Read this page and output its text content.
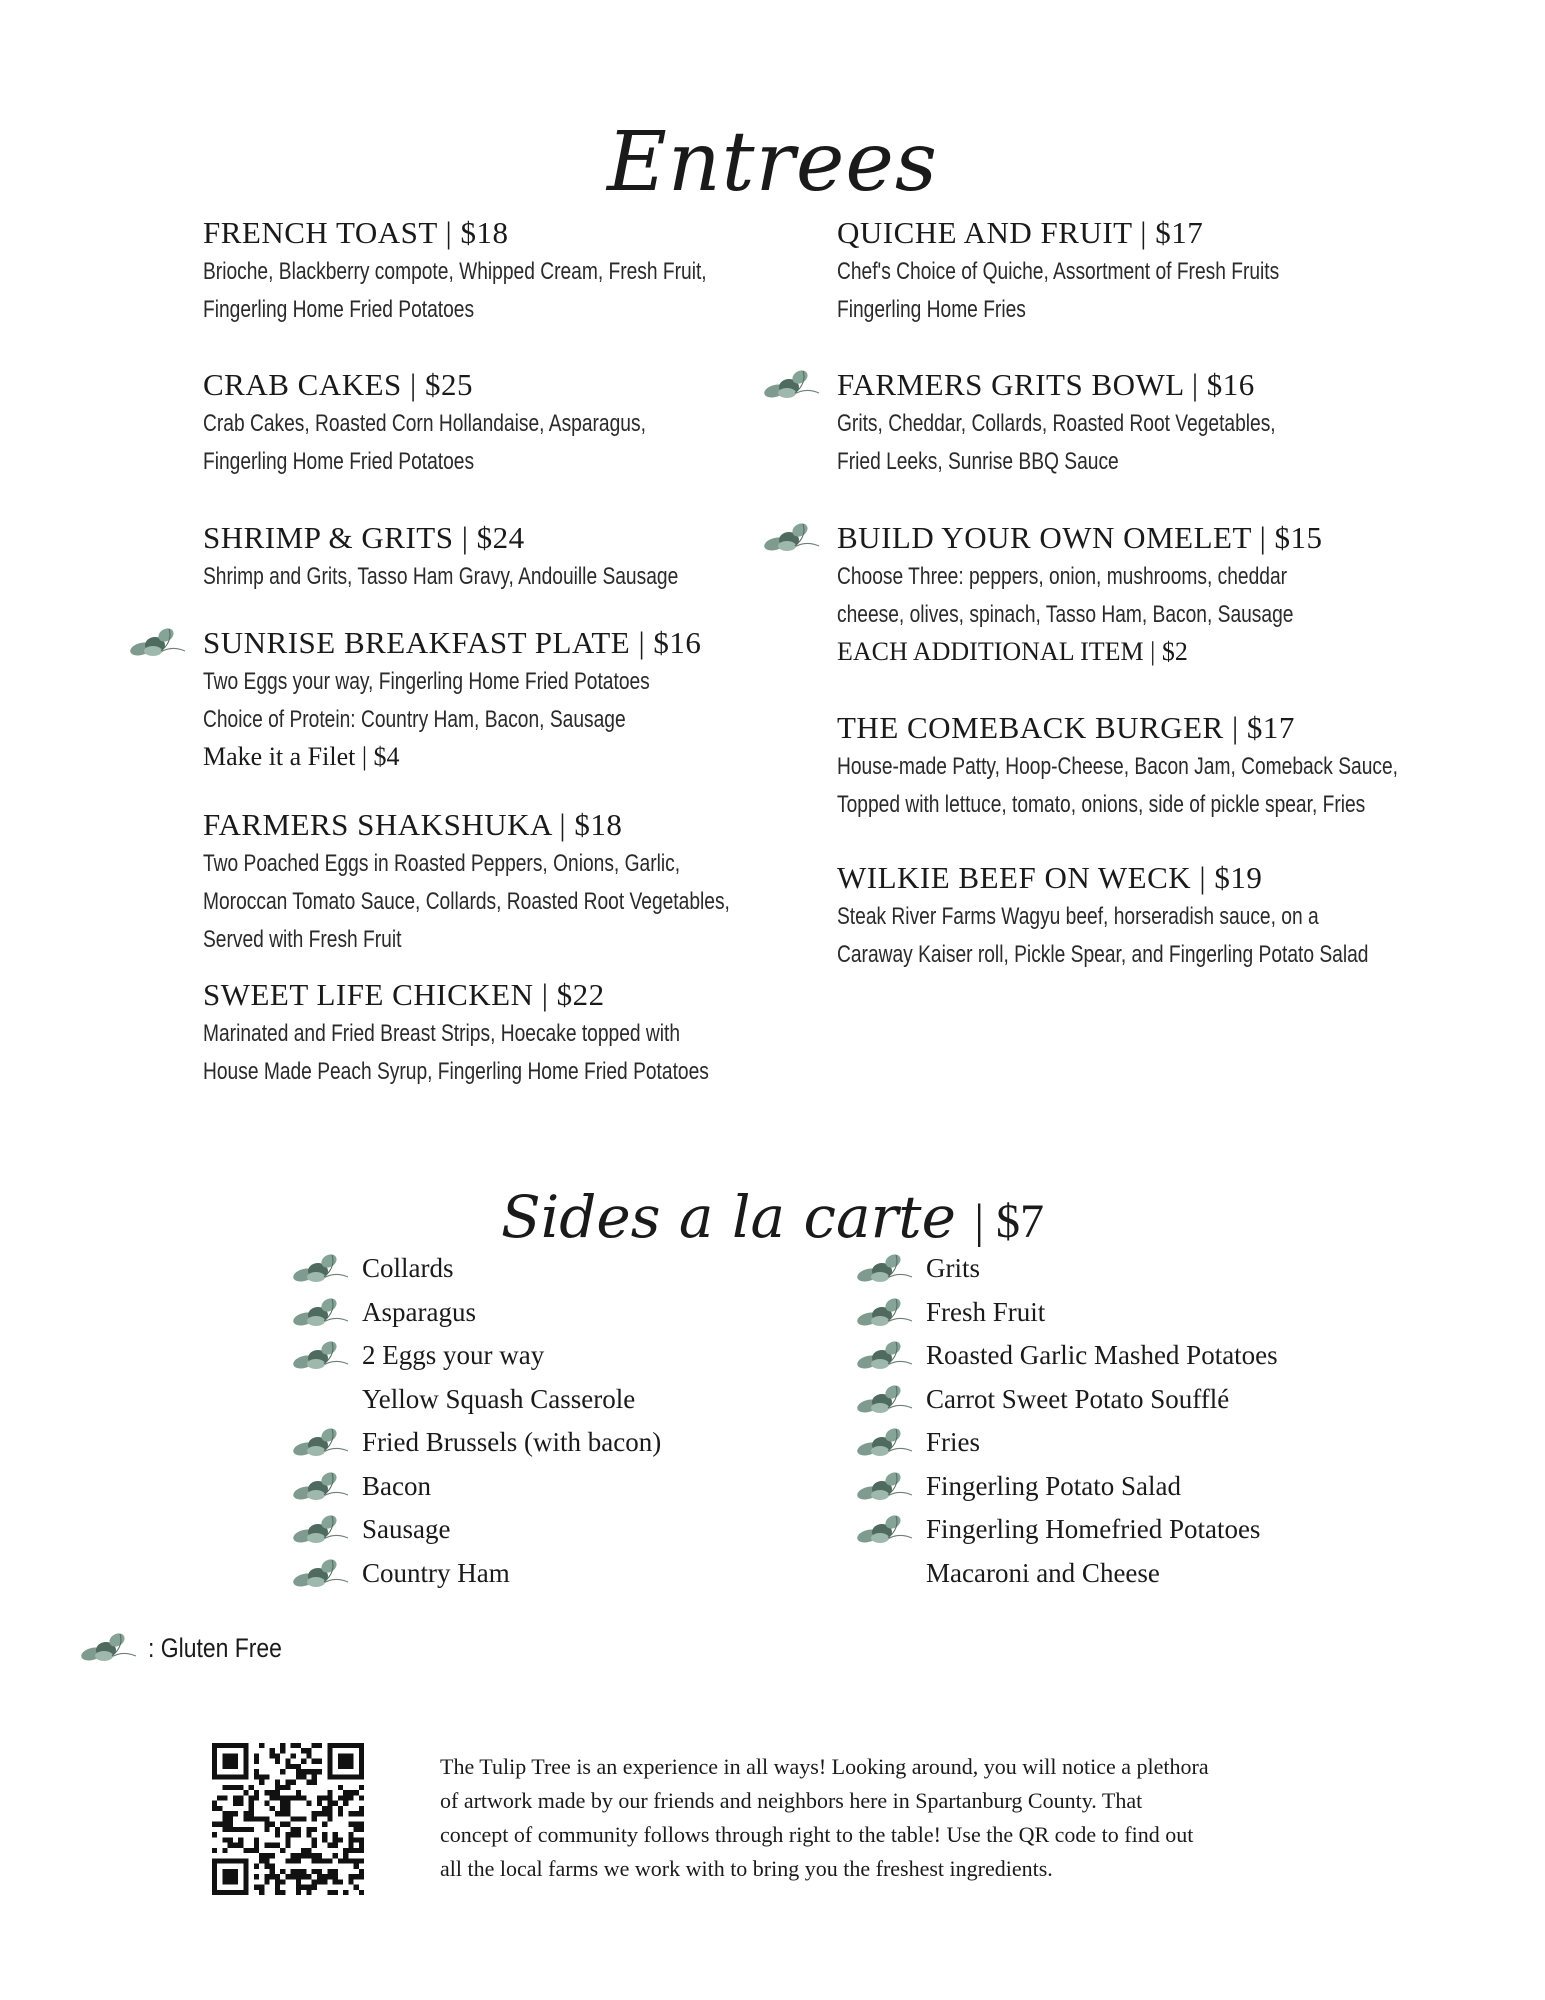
Entrees
FRENCH TOAST | $18
Brioche, Blackberry compote, Whipped Cream, Fresh Fruit,
Fingerling Home Fried Potatoes
CRAB CAKES | $25
Crab Cakes, Roasted Corn Hollandaise, Asparagus,
Fingerling Home Fried Potatoes
SHRIMP & GRITS | $24
Shrimp and Grits, Tasso Ham Gravy, Andouille Sausage
SUNRISE BREAKFAST PLATE | $16
Two Eggs your way, Fingerling Home Fried Potatoes
Choice of Protein: Country Ham, Bacon, Sausage
Make it a Filet | $4
FARMERS SHAKSHUKA | $18
Two Poached Eggs in Roasted Peppers, Onions, Garlic,
Moroccan Tomato Sauce, Collards, Roasted Root Vegetables,
Served with Fresh Fruit
SWEET LIFE CHICKEN | $22
Marinated and Fried Breast Strips, Hoecake topped with
House Made Peach Syrup, Fingerling Home Fried Potatoes
QUICHE AND FRUIT | $17
Chef's Choice of Quiche, Assortment of Fresh Fruits
Fingerling Home Fries
FARMERS GRITS BOWL | $16
Grits, Cheddar, Collards, Roasted Root Vegetables,
Fried Leeks, Sunrise BBQ Sauce
BUILD YOUR OWN OMELET | $15
Choose Three: peppers, onion, mushrooms, cheddar
cheese, olives, spinach, Tasso Ham, Bacon, Sausage
EACH ADDITIONAL ITEM | $2
THE COMEBACK BURGER | $17
House-made Patty, Hoop-Cheese, Bacon Jam, Comeback Sauce,
Topped with lettuce, tomato, onions, side of pickle spear, Fries
WILKIE BEEF ON WECK | $19
Steak River Farms Wagyu beef, horseradish sauce, on a
Caraway Kaiser roll, Pickle Spear, and Fingerling Potato Salad
Sides a la carte | $7
Collards
Asparagus
2 Eggs your way
Yellow Squash Casserole
Fried Brussels (with bacon)
Bacon
Sausage
Country Ham
Grits
Fresh Fruit
Roasted Garlic Mashed Potatoes
Carrot Sweet Potato Soufflé
Fries
Fingerling Potato Salad
Fingerling Homefried Potatoes
Macaroni and Cheese
: Gluten Free
The Tulip Tree is an experience in all ways! Looking around, you will notice a plethora
of artwork made by our friends and neighbors here in Spartanburg County. That
concept of community follows through right to the table! Use the QR code to find out
all the local farms we work with to bring you the freshest ingredients.
